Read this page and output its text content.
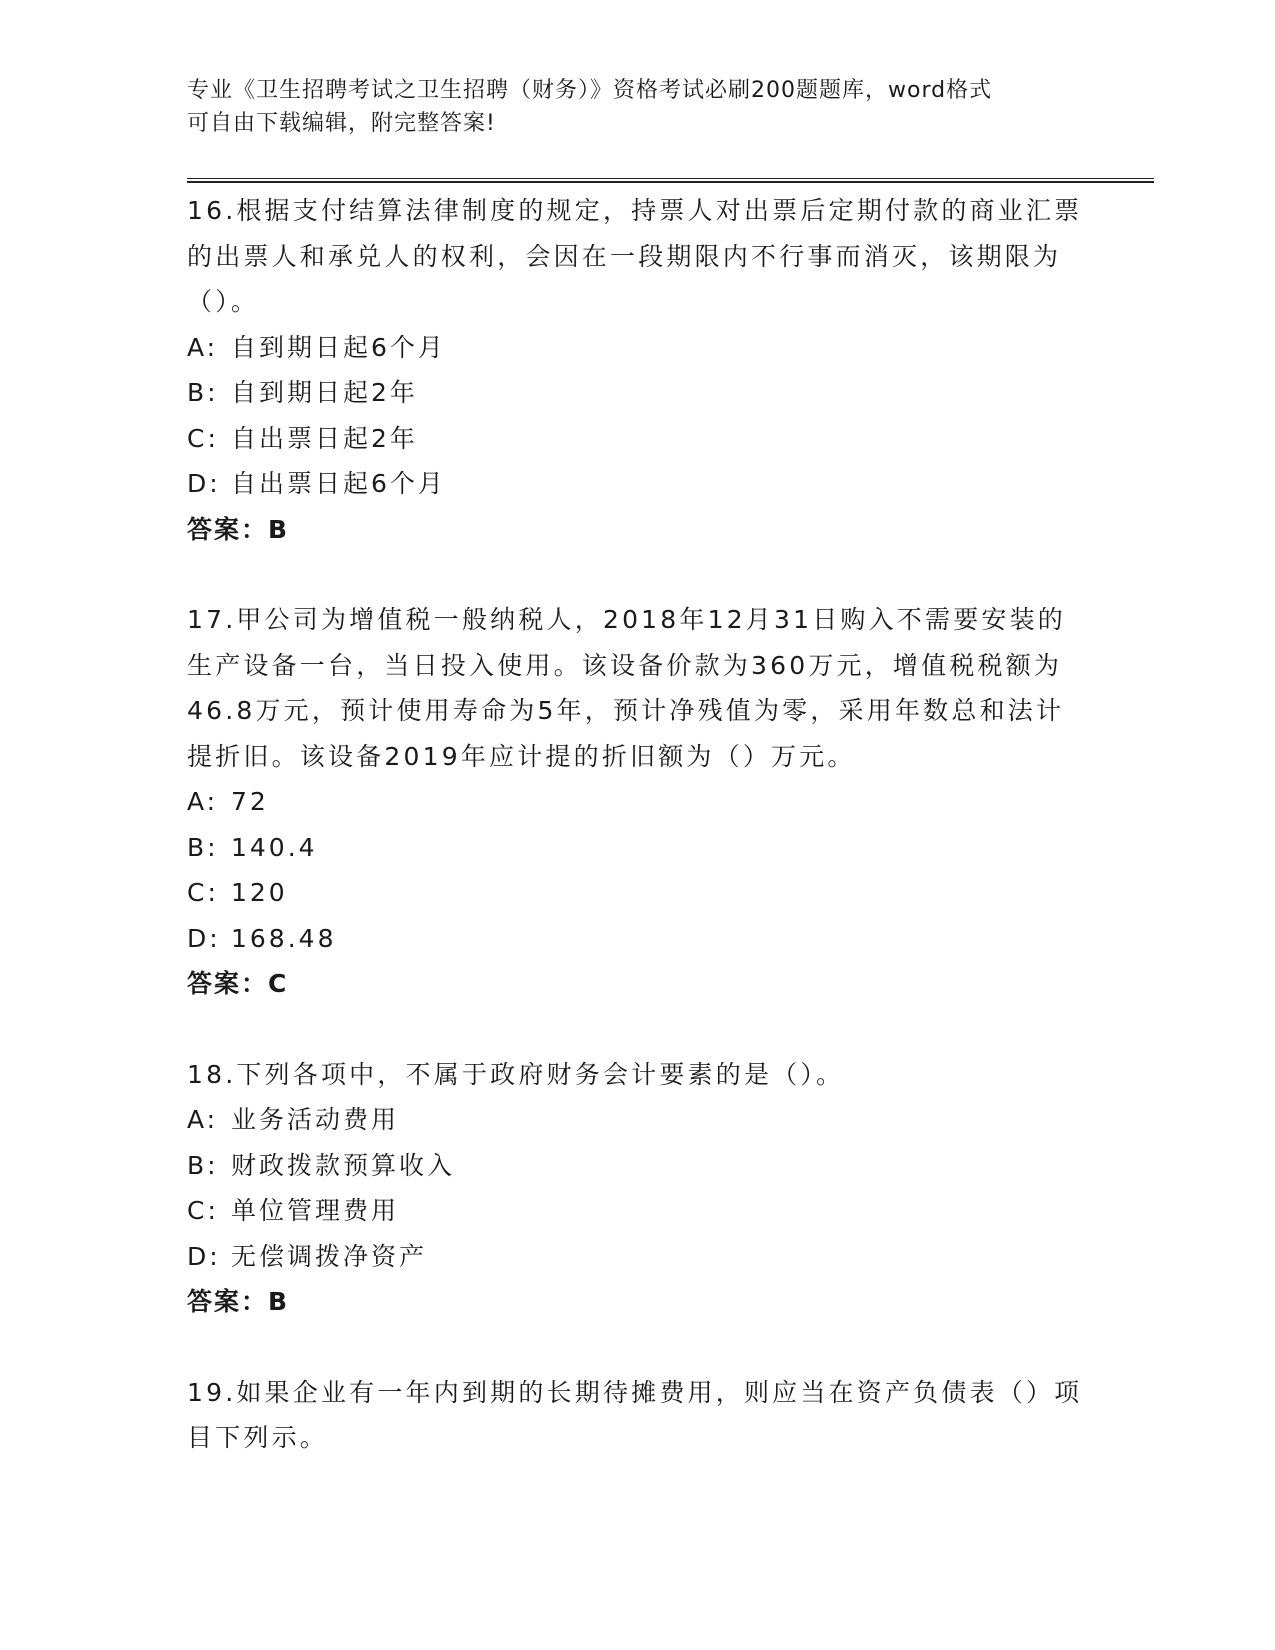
专业《卫生招聘考试之卫生招聘（财务）》资格考试必刷200题题库，word格式
可自由下载编辑，附完整答案!

16.根据支付结算法律制度的规定，持票人对出票后定期付款的商业汇票的出票人和承兑人的权利，会因在一段期限内不行事而消灭，该期限为（）。

A: 自到期日起6个月
B: 自到期日起2年
C: 自出票日起2年
D: 自出票日起6个月
答案：B

17.甲公司为增值税一般纳税人，2018年12月31日购入不需要安装的生产设备一台，当日投入使用。该设备价款为360万元，增值税税额为46.8万元，预计使用寿命为5年，预计净残值为零，采用年数总和法计提折旧。该设备2019年应计提的折旧额为（）万元。

A: 72
B: 140.4
C: 120
D: 168.48
答案：C

18.下列各项中，不属于政府财务会计要素的是（）。

A: 业务活动费用
B: 财政拨款预算收入
C: 单位管理费用
D: 无偿调拨净资产
答案：B

19.如果企业有一年内到期的长期待摊费用，则应当在资产负债表（）项目下列示。
